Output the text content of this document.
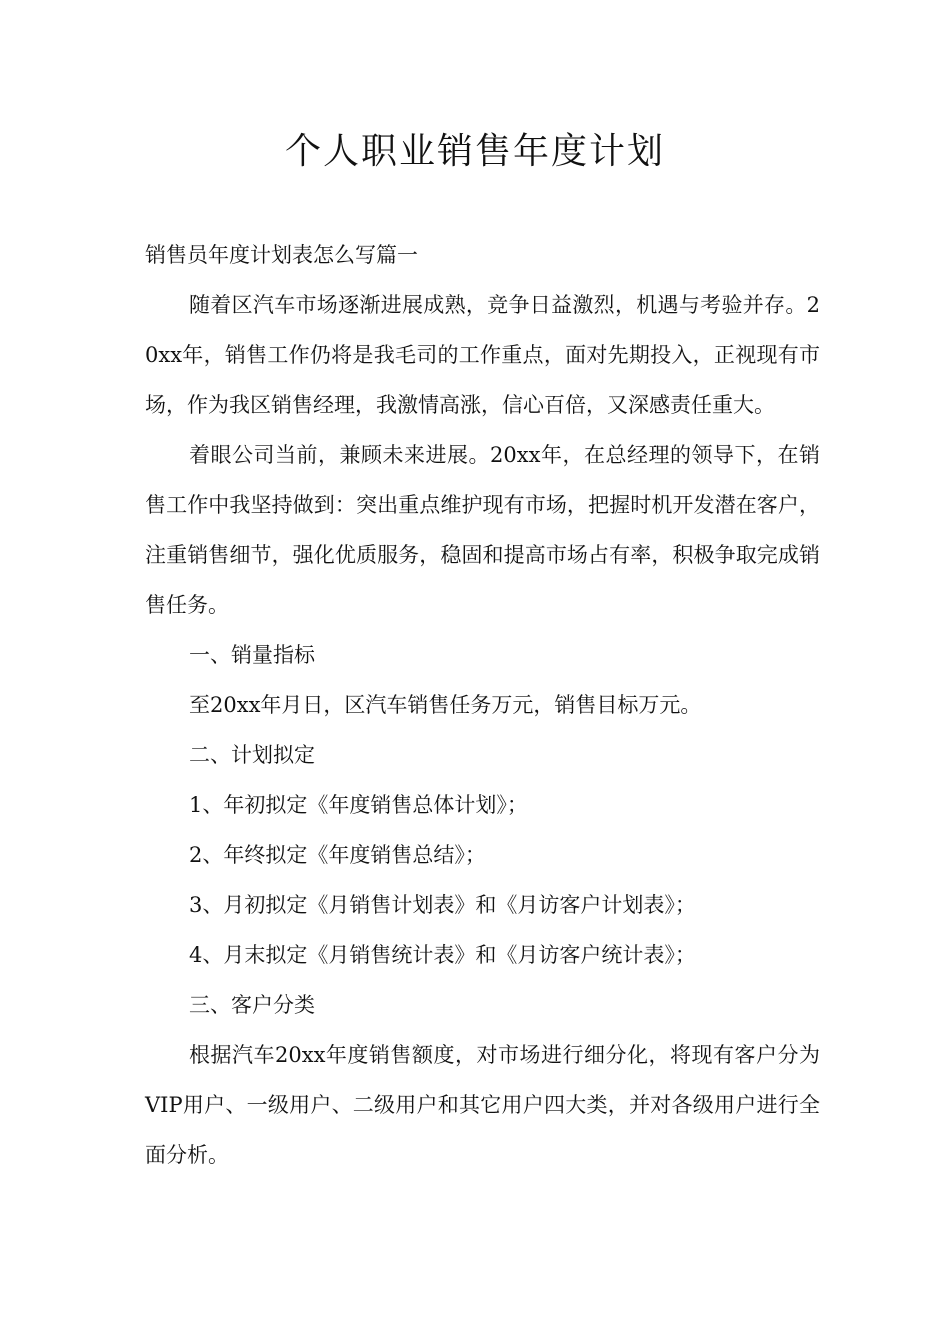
个人职业销售年度计划

销售员年度计划表怎么写篇一

随着区汽车市场逐渐进展成熟，竞争日益激烈，机遇与考验并存。20xx年，销售工作仍将是我毛司的工作重点，面对先期投入，正视现有市场，作为我区销售经理，我激情高涨，信心百倍，又深感责任重大。

着眼公司当前，兼顾未来进展。20xx年，在总经理的领导下，在销售工作中我坚持做到：突出重点维护现有市场，把握时机开发潜在客户，注重销售细节，强化优质服务，稳固和提高市场占有率，积极争取完成销售任务。

一、销量指标

至20xx年月日，区汽车销售任务万元，销售目标万元。

二、计划拟定

1、年初拟定《年度销售总体计划》；

2、年终拟定《年度销售总结》；

3、月初拟定《月销售计划表》和《月访客户计划表》；

4、月末拟定《月销售统计表》和《月访客户统计表》；

三、客户分类

根据汽车20xx年度销售额度，对市场进行细分化，将现有客户分为VIP用户、一级用户、二级用户和其它用户四大类，并对各级用户进行全面分析。
